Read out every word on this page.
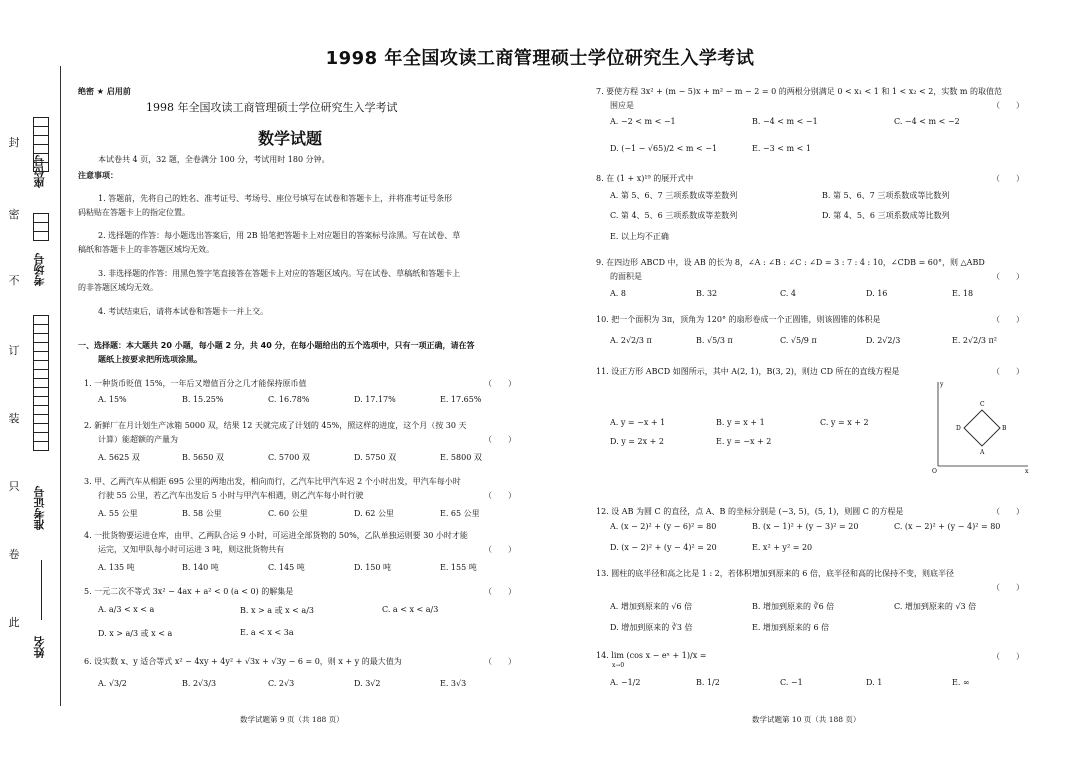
1998 年全国攻读工商管理硕士学位研究生入学考试
封
密
不
订
装
只
卷
此
座位号
考场号
准考证号
姓名
绝密 ★ 启用前
1998 年全国攻读工商管理硕士学位研究生入学考试
数学试题
本试卷共 4 页，32 题，全卷满分 100 分，考试用时 180 分钟。
注意事项：
1. 答题前，先将自己的姓名、准考证号、考场号、座位号填写在试卷和答题卡上，并将准考证号条形
码粘贴在答题卡上的指定位置。
2. 选择题的作答：每小题选出答案后，用 2B 铅笔把答题卡上对应题目的答案标号涂黑。写在试卷、草
稿纸和答题卡上的非答题区域均无效。
3. 非选择题的作答：用黑色签字笔直接答在答题卡上对应的答题区域内。写在试卷、草稿纸和答题卡上
的非答题区域均无效。
4. 考试结束后，请将本试卷和答题卡一并上交。
一、选择题：本大题共 20 小题，每小题 2 分，共 40 分，在每小题给出的五个选项中，只有一项正确，请在答
题纸上按要求把所选项涂黑。
1. 一种货币贬值 15%，一年后又增值百分之几才能保持原币值	（　　）
A. 15%	B. 15.25%	C. 16.78%	D. 17.17%	E. 17.65%
2. 新鲜厂在月计划生产冰箱 5000 双，结果 12 天就完成了计划的 45%，照这样的进度，这个月（按 30 天
计算）能超额的产量为	（　　）
A. 5625 双	B. 5650 双	C. 5700 双	D. 5750 双	E. 5800 双
3. 甲、乙两汽车从相距 695 公里的两地出发，相向而行，乙汽车比甲汽车迟 2 个小时出发，甲汽车每小时
行驶 55 公里，若乙汽车出发后 5 小时与甲汽车相遇，则乙汽车每小时行驶	（　　）
A. 55 公里	B. 58 公里	C. 60 公里	D. 62 公里	E. 65 公里
4. 一批货物要运进仓库，由甲、乙两队合运 9 小时，可运进全部货物的 50%，乙队单独运则要 30 小时才能
运完，又知甲队每小时可运进 3 吨，则这批货物共有	（　　）
A. 135 吨	B. 140 吨	C. 145 吨	D. 150 吨	E. 155 吨
5. 一元二次不等式 3x² − 4ax + a² < 0 (a < 0) 的解集是	（　　）
A. a/3 < x < a	B. x > a 或 x < a/3	C. a < x < a/3
D. x > a/3 或 x < a	E. a < x < 3a
6. 设实数 x、y 适合等式 x² − 4xy + 4y² + √3x + √3y − 6 = 0，则 x + y 的最大值为	（　　）
A. √3/2	B. 2√3/3	C. 2√3	D. 3√2	E. 3√3
数学试题第 9 页（共 188 页）
7. 要使方程 3x² + (m − 5)x + m² − m − 2 = 0 的两根分别满足 0 < x₁ < 1 和 1 < x₂ < 2，实数 m 的取值范
围应是	（　　）
A. −2 < m < −1	B. −4 < m < −1	C. −4 < m < −2
D. (−1 − √65)/2 < m < −1	E. −3 < m < 1
8. 在 (1 + x)¹⁹ 的展开式中	（　　）
A. 第 5、6、7 三项系数成等差数列	B. 第 5、6、7 三项系数成等比数列
C. 第 4、5、6 三项系数成等差数列	D. 第 4、5、6 三项系数成等比数列
E. 以上均不正确
9. 在四边形 ABCD 中，设 AB 的长为 8，∠A : ∠B : ∠C : ∠D = 3 : 7 : 4 : 10，∠CDB = 60°，则 △ABD
的面积是	（　　）
A. 8	B. 32	C. 4	D. 16	E. 18
10. 把一个面积为 3π，顶角为 120° 的扇形卷成一个正圆锥，则该圆锥的体积是	（　　）
A. 2√2/3 π	B. √5/3 π	C. √5/9 π	D. 2√2/3	E. 2√2/3 π²
11. 设正方形 ABCD 如图所示，其中 A(2, 1)，B(3, 2)，则边 CD 所在的直线方程是	（　　）
A. y = −x + 1	B. y = x + 1	C. y = x + 2
D. y = 2x + 2	E. y = −x + 2
y
C
D	B
A
O	x
12. 设 AB 为圆 C 的直径，点 A、B 的坐标分别是 (−3, 5)，(5, 1)，则圆 C 的方程是	（　　）
A. (x − 2)² + (y − 6)² = 80	B. (x − 1)² + (y − 3)² = 20	C. (x − 2)² + (y − 4)² = 80
D. (x − 2)² + (y − 4)² = 20	E. x² + y² = 20
13. 圆柱的底半径和高之比是 1 : 2，若体积增加到原来的 6 倍，底半径和高的比保持不变，则底半径
（　　）
A. 增加到原来的 √6 倍	B. 增加到原来的 ∛6 倍	C. 增加到原来的 √3 倍
D. 增加到原来的 ∛3 倍	E. 增加到原来的 6 倍
14. lim (cos x − eˣ + 1)/x =
x→0
（　　）
A. −1/2	B. 1/2	C. −1	D. 1	E. ∞
数学试题第 10 页（共 188 页）
